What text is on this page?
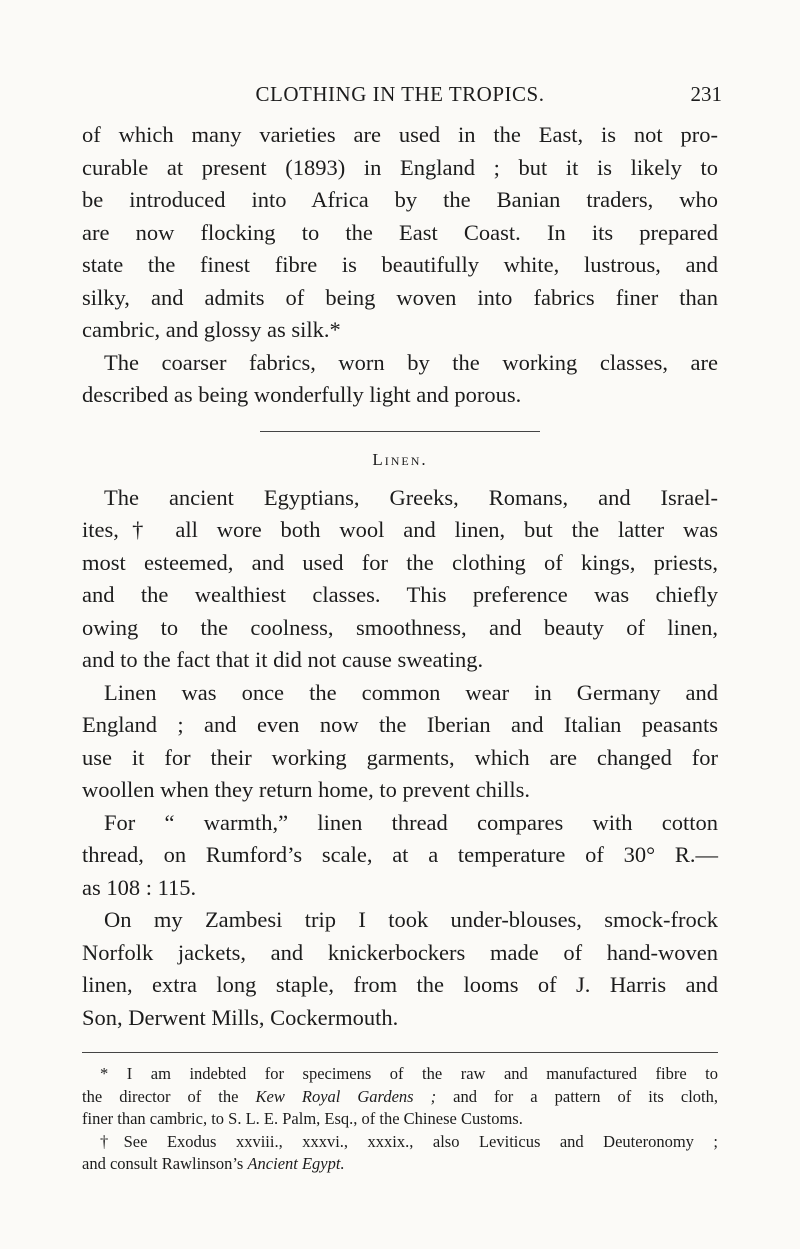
CLOTHING IN THE TROPICS.	231
of which many varieties are used in the East, is not pro-
curable at present (1893) in England ; but it is likely to
be introduced into Africa by the Banian traders, who
are now flocking to the East Coast. In its prepared
state the finest fibre is beautifully white, lustrous, and
silky, and admits of being woven into fabrics finer than
cambric, and glossy as silk.*
The coarser fabrics, worn by the working classes, are
described as being wonderfully light and porous.
Linen.
The ancient Egyptians, Greeks, Romans, and Israel-
ites,† all wore both wool and linen, but the latter was
most esteemed, and used for the clothing of kings, priests,
and the wealthiest classes. This preference was chiefly
owing to the coolness, smoothness, and beauty of linen,
and to the fact that it did not cause sweating.
Linen was once the common wear in Germany and
England ; and even now the Iberian and Italian peasants
use it for their working garments, which are changed for
woollen when they return home, to prevent chills.
For “ warmth,” linen thread compares with cotton
thread, on Rumford’s scale, at a temperature of 30° R.—
as 108 : 115.
On my Zambesi trip I took under-blouses, smock-frock
Norfolk jackets, and knickerbockers made of hand-woven
linen, extra long staple, from the looms of J. Harris and
Son, Derwent Mills, Cockermouth.
* I am indebted for specimens of the raw and manufactured fibre to
the director of the Kew Royal Gardens ; and for a pattern of its cloth,
finer than cambric, to S. L. E. Palm, Esq., of the Chinese Customs.
†See Exodus xxviii., xxxvi., xxxix., also Leviticus and Deuteronomy ;
and consult Rawlinson’s Ancient Egypt.
